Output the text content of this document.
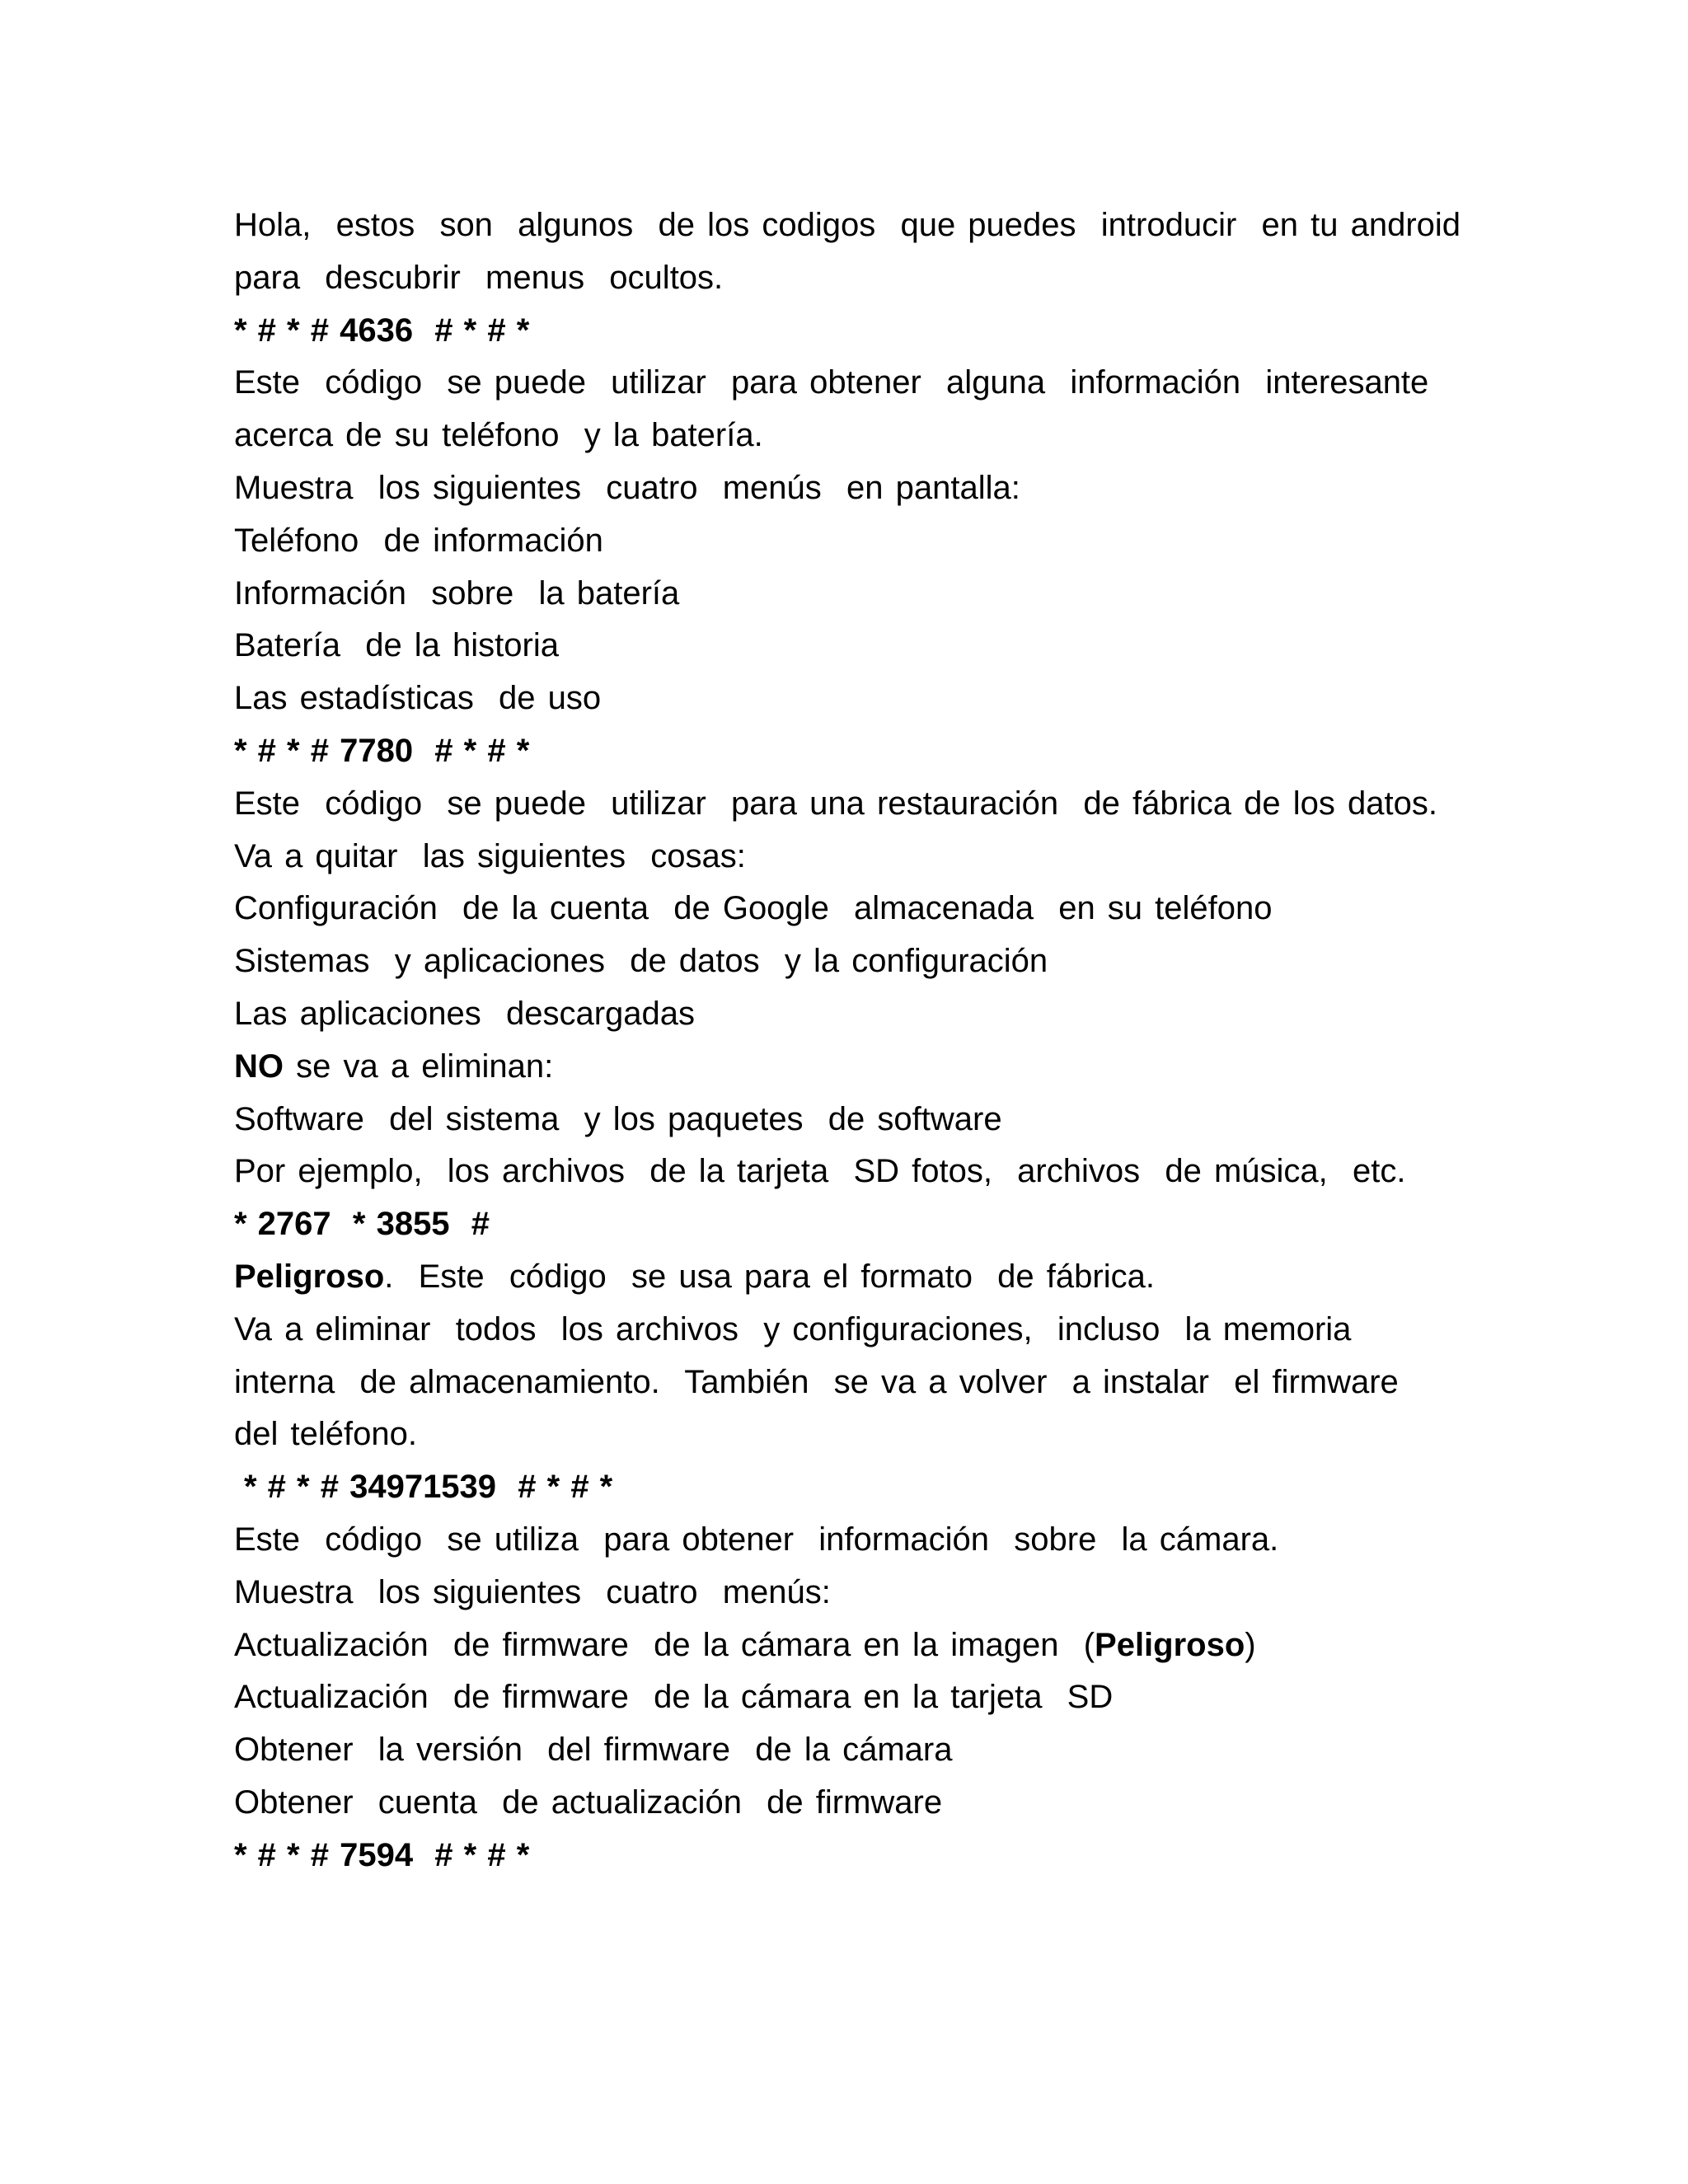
Hola,  estos  son  algunos  de los codigos  que puedes  introducir  en tu android
para  descubrir  menus  ocultos.
* # * # 4636  # * # *
Este  código  se puede  utilizar  para obtener  alguna  información  interesante
acerca de su teléfono  y la batería.
Muestra  los siguientes  cuatro  menús  en pantalla:
Teléfono  de información
Información  sobre  la batería
Batería  de la historia
Las estadísticas  de uso
* # * # 7780  # * # *
Este  código  se puede  utilizar  para una restauración  de fábrica de los datos.
Va a quitar  las siguientes  cosas:
Configuración  de la cuenta  de Google  almacenada  en su teléfono
Sistemas  y aplicaciones  de datos  y la configuración
Las aplicaciones  descargadas
NO se va a eliminan:
Software  del sistema  y los paquetes  de software
Por ejemplo,  los archivos  de la tarjeta  SD fotos,  archivos  de música,  etc.
* 2767  * 3855  #
Peligroso.  Este  código  se usa para el formato  de fábrica.
Va a eliminar  todos  los archivos  y configuraciones,  incluso  la memoria
interna  de almacenamiento.  También  se va a volver  a instalar  el firmware
del teléfono.
* # * # 34971539  # * # *
Este  código  se utiliza  para obtener  información  sobre  la cámara.
Muestra  los siguientes  cuatro  menús:
Actualización  de firmware  de la cámara en la imagen  (Peligroso)
Actualización  de firmware  de la cámara en la tarjeta  SD
Obtener  la versión  del firmware  de la cámara
Obtener  cuenta  de actualización  de firmware
* # * # 7594  # * # *
